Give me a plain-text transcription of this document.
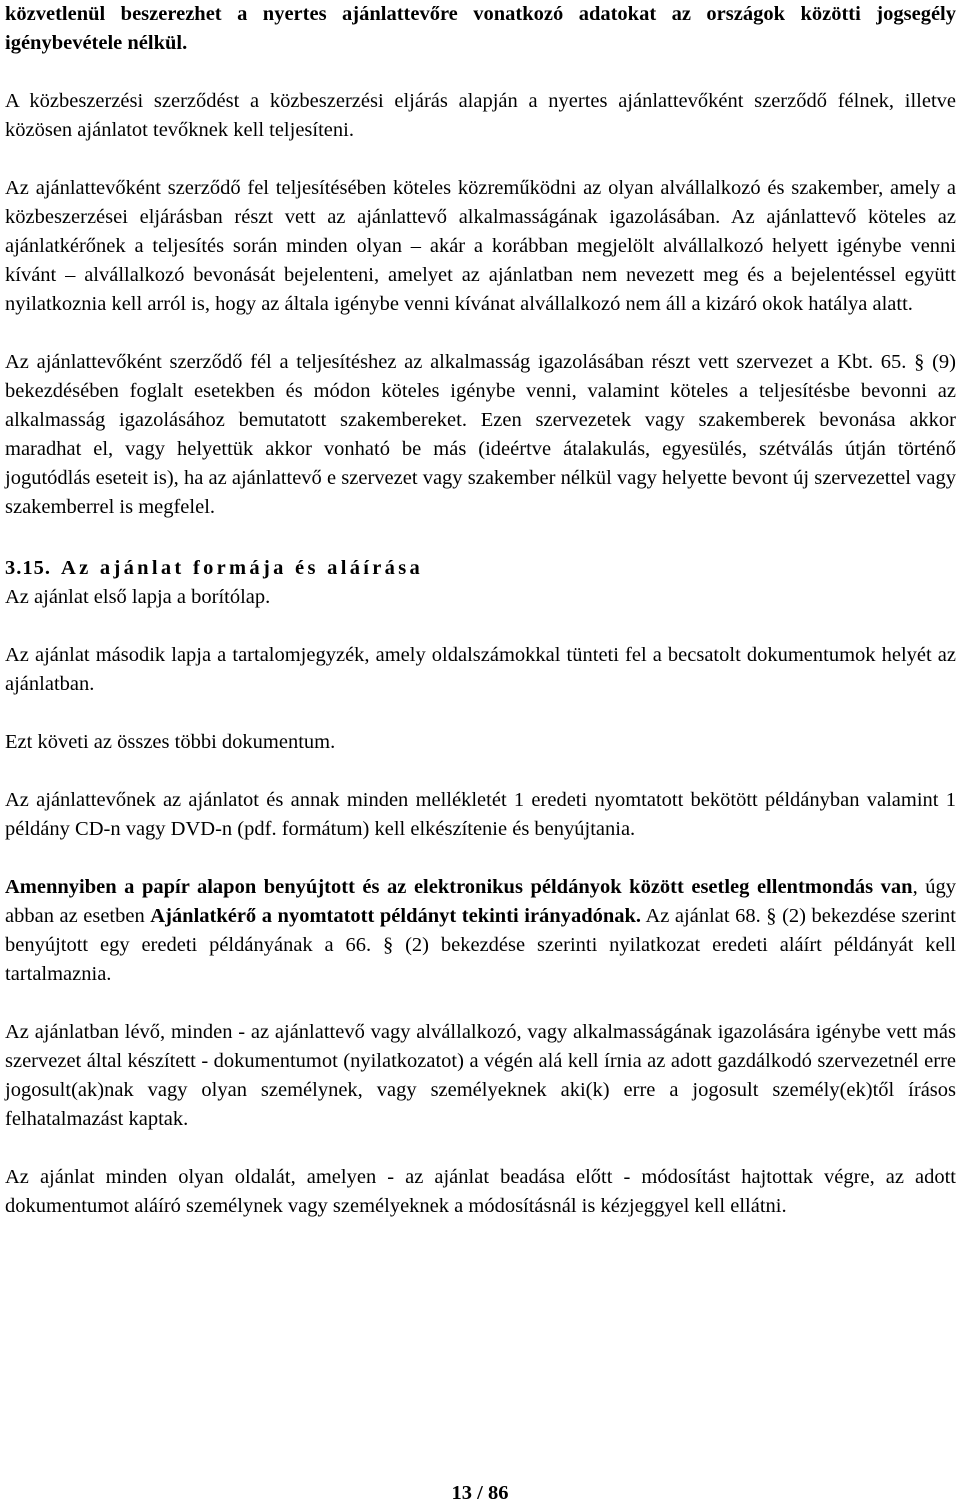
közvetlenül beszerezhet a nyertes ajánlattevőre vonatkozó adatokat az országok közötti jogsegély igénybevétele nélkül.

A közbeszerzési szerződést a közbeszerzési eljárás alapján a nyertes ajánlattevőként szerződő félnek, illetve közösen ajánlatot tevőknek kell teljesíteni.

Az ajánlattevőként szerződő fel teljesítésében köteles közreműködni az olyan alvállalkozó és szakember, amely a közbeszerzései eljárásban részt vett az ajánlattevő alkalmasságának igazolásában. Az ajánlattevő köteles az ajánlatkérőnek a teljesítés során minden olyan – akár a korábban megjelölt alvállalkozó helyett igénybe venni kívánt – alvállalkozó bevonását bejelenteni, amelyet az ajánlatban nem nevezett meg és a bejelentéssel együtt nyilatkoznia kell arról is, hogy az általa igénybe venni kívánat alvállalkozó nem áll a kizáró okok hatálya alatt.

Az ajánlattevőként szerződő fél a teljesítéshez az alkalmasság igazolásában részt vett szervezet a Kbt. 65. § (9) bekezdésében foglalt esetekben és módon köteles igénybe venni, valamint köteles a teljesítésbe bevonni az alkalmasság igazolásához bemutatott szakembereket. Ezen szervezetek vagy szakemberek bevonása akkor maradhat el, vagy helyettük akkor vonható be más (ideértve átalakulás, egyesülés, szétválás útján történő jogutódlás eseteit is), ha az ajánlattevő e szervezet vagy szakember nélkül vagy helyette bevont új szervezettel vagy szakemberrel is megfelel.

3.15. Az ajánlat formája és aláírása

Az ajánlat első lapja a borítólap.

Az ajánlat második lapja a tartalomjegyzék, amely oldalszámokkal tünteti fel a becsatolt dokumentumok helyét az ajánlatban.

Ezt követi az összes többi dokumentum.

Az ajánlattevőnek az ajánlatot és annak minden mellékletét 1 eredeti nyomtatott bekötött példányban valamint 1 példány CD-n vagy DVD-n (pdf. formátum) kell elkészítenie és benyújtania.

Amennyiben a papír alapon benyújtott és az elektronikus példányok között esetleg ellentmondás van, úgy abban az esetben Ajánlatkérő a nyomtatott példányt tekinti irányadónak. Az ajánlat 68. § (2) bekezdése szerint benyújtott egy eredeti példányának a 66. § (2) bekezdése szerinti nyilatkozat eredeti aláírt példányát kell tartalmaznia.

Az ajánlatban lévő, minden - az ajánlattevő vagy alvállalkozó, vagy alkalmasságának igazolására igénybe vett más szervezet által készített - dokumentumot (nyilatkozatot) a végén alá kell írnia az adott gazdálkodó szervezetnél erre jogosult(ak)nak vagy olyan személynek, vagy személyeknek aki(k) erre a jogosult személy(ek)től írásos felhatalmazást kaptak.

Az ajánlat minden olyan oldalát, amelyen - az ajánlat beadása előtt - módosítást hajtottak végre, az adott dokumentumot aláíró személynek vagy személyeknek a módosításnál is kézjeggyel kell ellátni.

13 / 86
